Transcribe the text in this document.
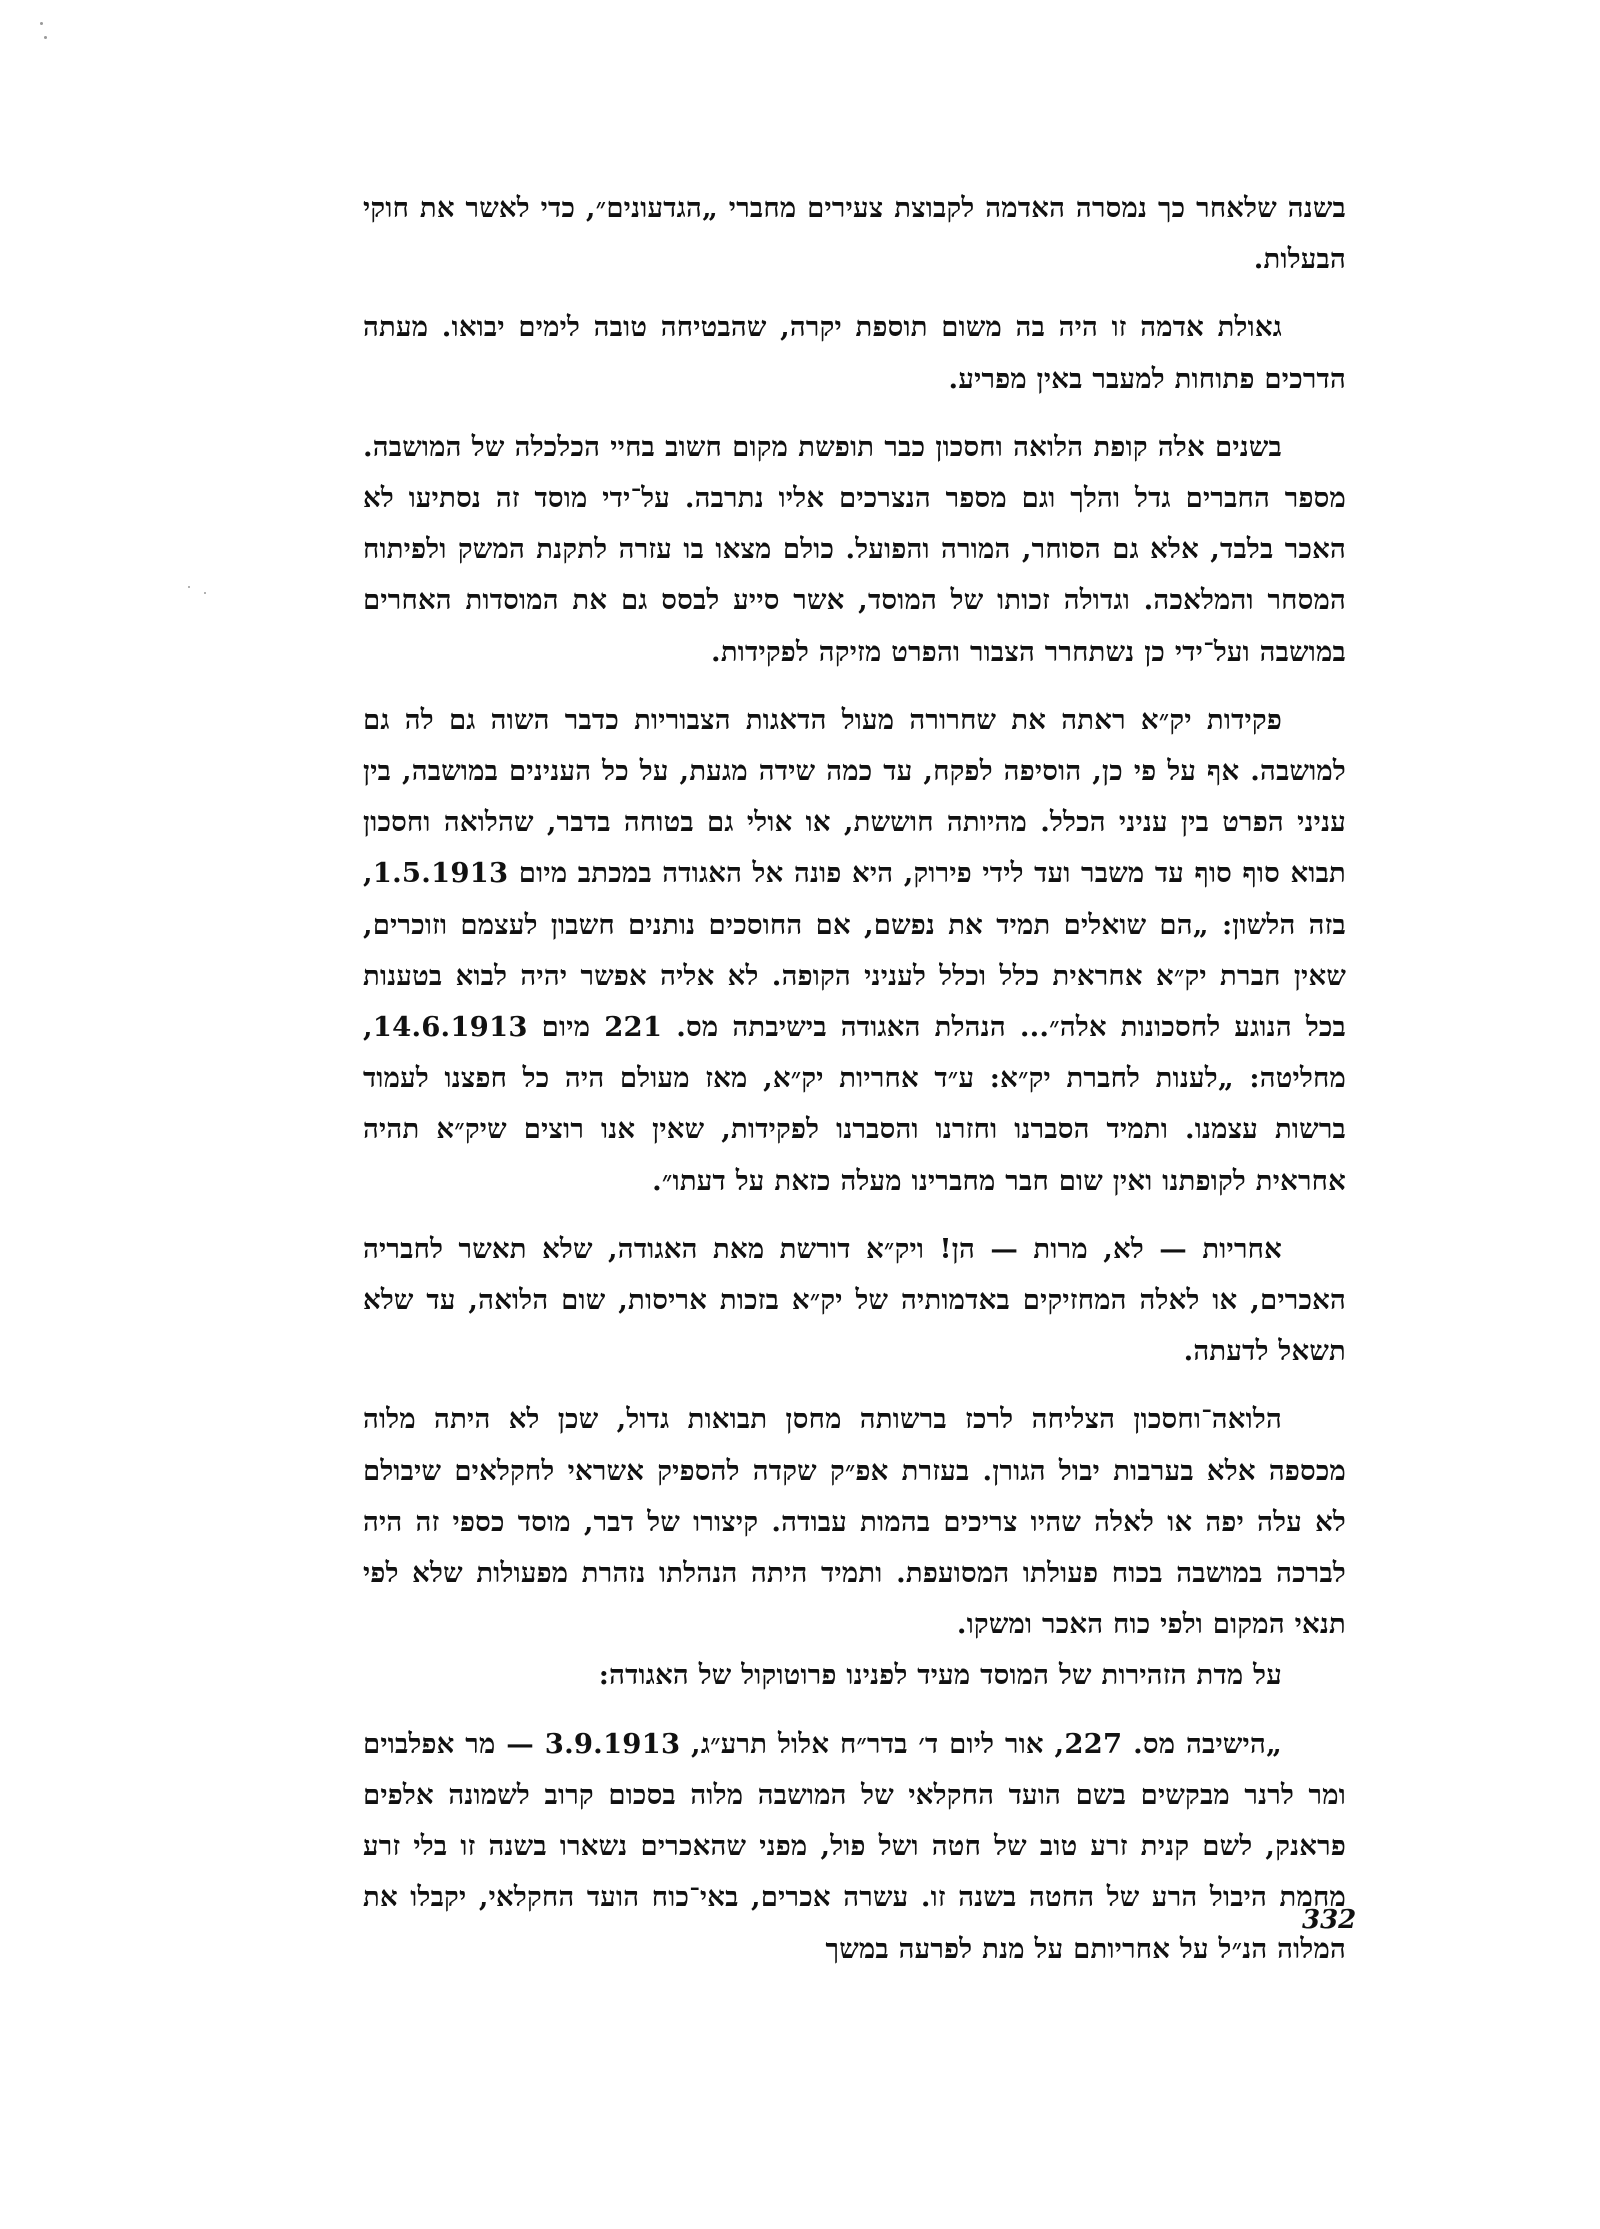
בשנה שלאחר כך נמסרה האדמה לקבוצת צעירים מחברי „הגדעונים״, כדי לאשר את חוקי הבעלות.

גאולת אדמה זו היה בה משום תוספת יקרה, שהבטיחה טובה לימים יבואו. מעתה הדרכים פתוחות למעבר באין מפריע.

בשנים אלה קופת הלואה וחסכון כבר תופשת מקום חשוב בחיי הכלכלה של המושבה. מספר החברים גדל והלך וגם מספר הנצרכים אליו נתרבה. על־ידי מוסד זה נסתיעו לא האכר בלבד, אלא גם הסוחר, המורה והפועל. כולם מצאו בו עזרה לתקנת המשק ולפיתוח המסחר והמלאכה. וגדולה זכותו של המוסד, אשר סייע לבסס גם את המוסדות האחרים במושבה ועל־ידי כן נשתחרר הצבור והפרט מזיקה לפקידות.

פקידות יק״א ראתה את שחרורה מעול הדאגות הצבוריות כדבר השוה גם לה גם למושבה. אף על פי כן, הוסיפה לפקח, עד כמה שידה מגעת, על כל הענינים במושבה, בין עניני הפרט בין עניני הכלל. מהיותה חוששת, או אולי גם בטוחה בדבר, שהלואה וחסכון תבוא סוף סוף עד משבר ועד לידי פירוק, היא פונה אל האגודה במכתב מיום 1.5.1913, בזה הלשון: „הם שואלים תמיד את נפשם, אם החוסכים נותנים חשבון לעצמם וזוכרים, שאין חברת יק״א אחראית כלל וכלל לעניני הקופה. לא אליה אפשר יהיה לבוא בטענות בכל הנוגע לחסכונות אלה״... הנהלת האגודה בישיבתה מס. 221 מיום 14.6.1913, מחליטה: „לענות לחברת יק״א: ע״ד אחריות יק״א, מאז מעולם היה כל חפצנו לעמוד ברשות עצמנו. ותמיד הסברנו וחזרנו והסברנו לפקידות, שאין אנו רוצים שיק״א תהיה אחראית לקופתנו ואין שום חבר מחברינו מעלה כזאת על דעתו״.

אחריות — לא, מרות — הן! ויק״א דורשת מאת האגודה, שלא תאשר לחבריה האכרים, או לאלה המחזיקים באדמותיה של יק״א בזכות אריסות, שום הלואה, עד שלא תשאל לדעתה.

הלואה־וחסכון הצליחה לרכז ברשותה מחסן תבואות גדול, שכן לא היתה מלוה מכספה אלא בערבות יבול הגורן. בעזרת אפ״ק שקדה להספיק אשראי לחקלאים שיבולם לא עלה יפה או לאלה שהיו צריכים בהמות עבודה. קיצורו של דבר, מוסד כספי זה היה לברכה במושבה בכוח פעולתו המסועפת. ותמיד היתה הנהלתו נזהרת מפעולות שלא לפי תנאי המקום ולפי כוח האכר ומשקו.

על מדת הזהירות של המוסד מעיד לפנינו פרוטוקול של האגודה:

„הישיבה מס. 227, אור ליום ד׳ בדר״ח אלול תרע״ג, 3.9.1913 — מר אפלבוים ומר לרנר מבקשים בשם הועד החקלאי של המושבה מלוה בסכום קרוב לשמונה אלפים פראנק, לשם קנית זרע טוב של חטה ושל פול, מפני שהאכרים נשארו בשנה זו בלי זרע מחמת היבול הרע של החטה בשנה זו. עשרה אכרים, באי־כוח הועד החקלאי, יקבלו את המלוה הנ״ל על אחריותם על מנת לפרעה במשך

332
